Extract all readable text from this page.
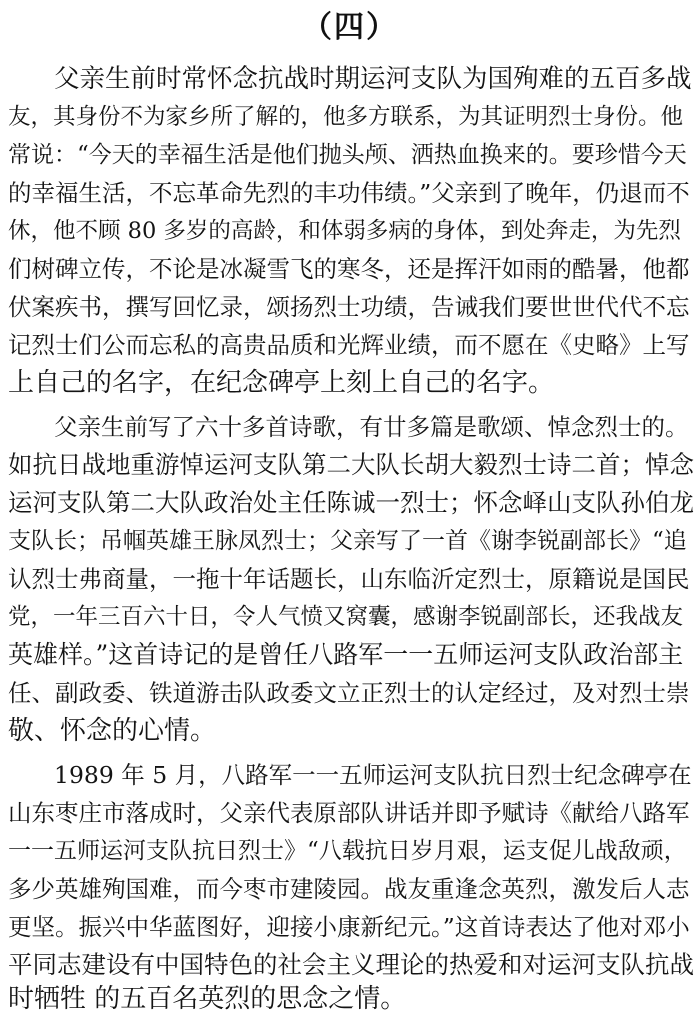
（四）
父亲生前时常怀念抗战时期运河支队为国殉难的五百多战
友，其身份不为家乡所了解的，他多方联系，为其证明烈士身份。他
常说：“今天的幸福生活是他们抛头颅、洒热血换来的。要珍惜今天
的幸福生活，不忘革命先烈的丰功伟绩。”父亲到了晚年，仍退而不
休，他不顾 80 多岁的高龄，和体弱多病的身体，到处奔走，为先烈
们树碑立传，不论是冰凝雪飞的寒冬，还是挥汗如雨的酷暑，他都
伏案疾书，撰写回忆录，颂扬烈士功绩，告诫我们要世世代代不忘
记烈士们公而忘私的高贵品质和光辉业绩，而不愿在《史略》上写
上自己的名字，在纪念碑亭上刻上自己的名字。
父亲生前写了六十多首诗歌，有廿多篇是歌颂、悼念烈士的。
如抗日战地重游悼运河支队第二大队长胡大毅烈士诗二首；悼念
运河支队第二大队政治处主任陈诚一烈士；怀念峄山支队孙伯龙
支队长；吊帼英雄王脉凤烈士；父亲写了一首《谢李锐副部长》“追
认烈士弗商量，一拖十年话题长，山东临沂定烈士，原籍说是国民
党，一年三百六十日，令人气愤又窝囊，感谢李锐副部长，还我战友
英雄样。”这首诗记的是曾任八路军一一五师运河支队政治部主
任、副政委、铁道游击队政委文立正烈士的认定经过，及对烈士崇
敬、怀念的心情。
1989 年 5 月，八路军一一五师运河支队抗日烈士纪念碑亭在
山东枣庄市落成时，父亲代表原部队讲话并即予赋诗《献给八路军
一一五师运河支队抗日烈士》“八载抗日岁月艰，运支促儿战敌顽，
多少英雄殉国难，而今枣市建陵园。战友重逢念英烈，激发后人志
更坚。振兴中华蓝图好，迎接小康新纪元。”这首诗表达了他对邓小
平同志建设有中国特色的社会主义理论的热爱和对运河支队抗战
时牺牲 的五百名英烈的思念之情。
